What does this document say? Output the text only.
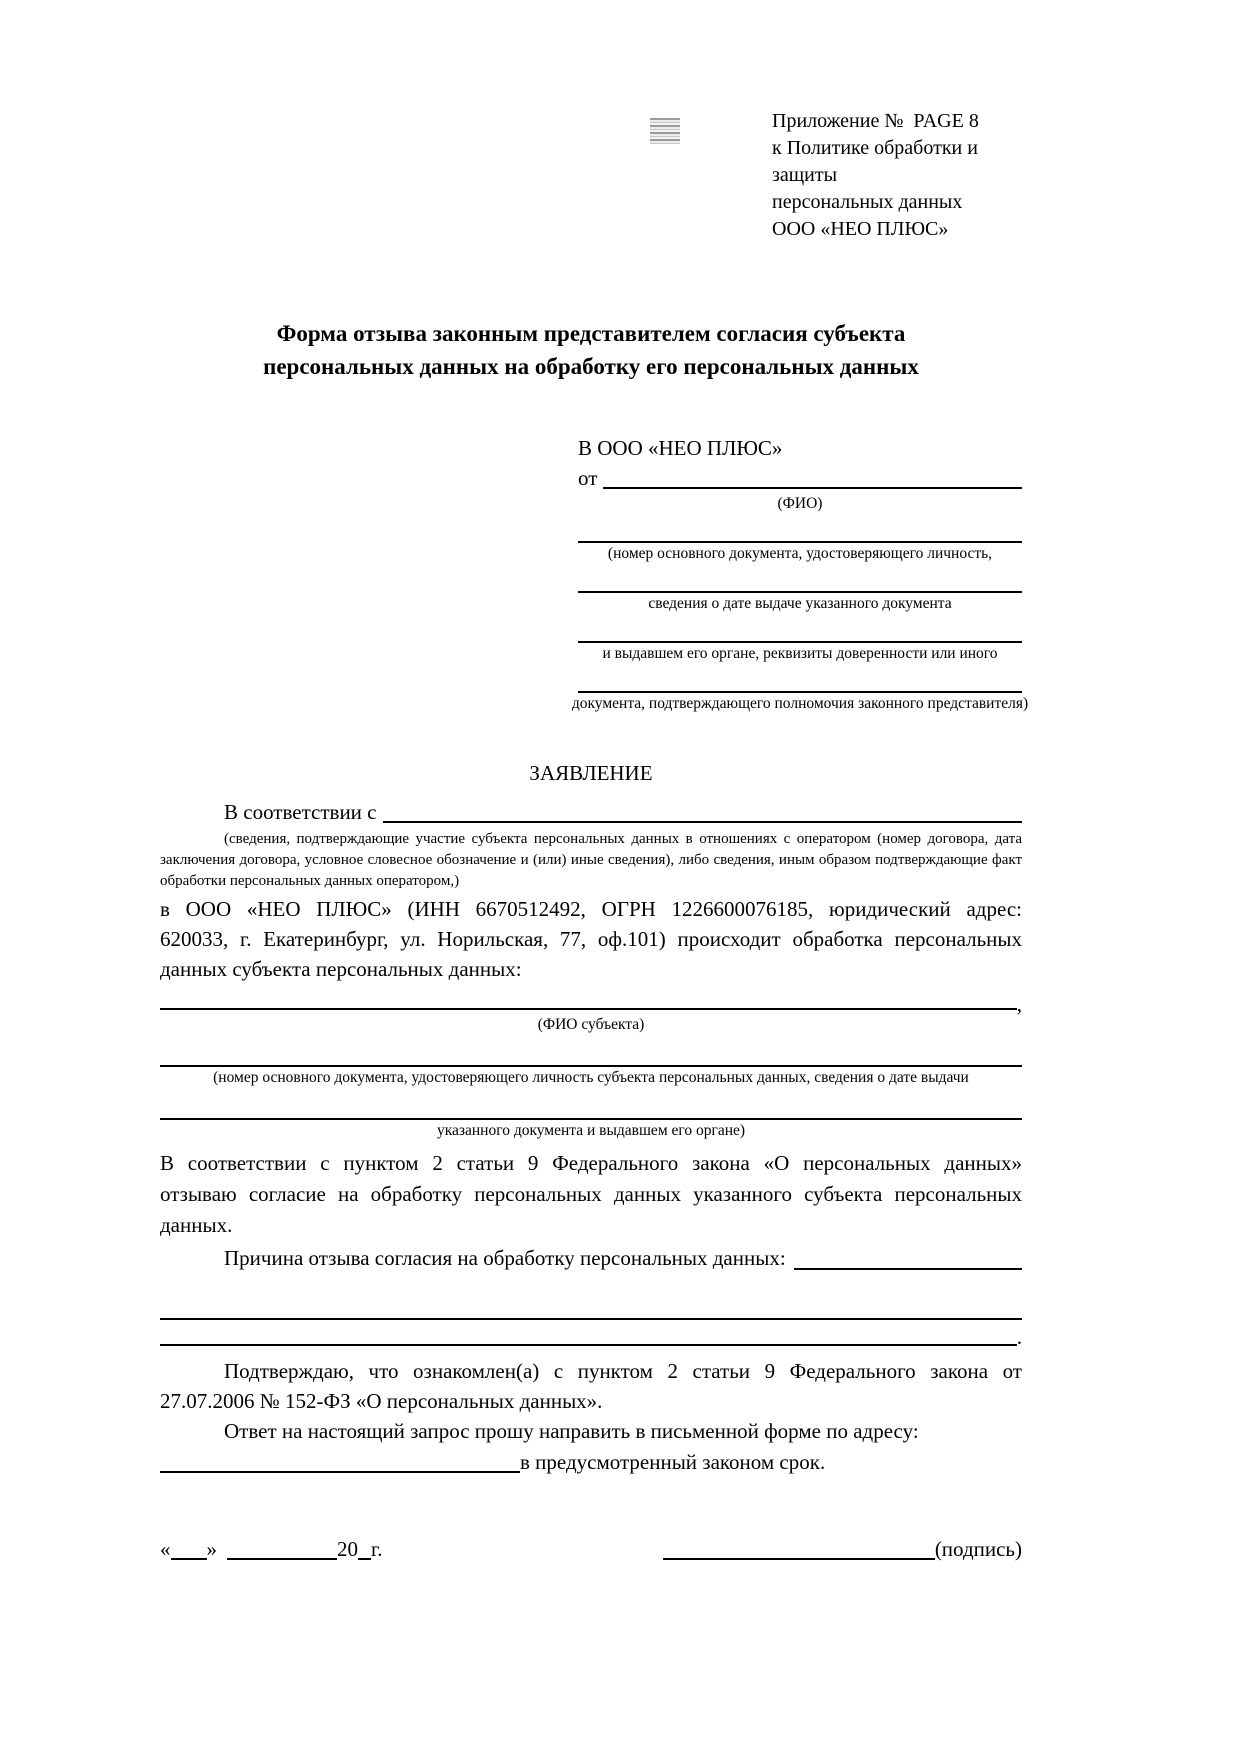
Приложение №  PAGE 8
к Политике обработки и защиты
персональных данных
ООО «НЕО ПЛЮС»
Форма отзыва законным представителем согласия субъекта
персональных данных на обработку его персональных данных
В ООО «НЕО ПЛЮС»
от
(ФИО)
(номер основного документа, удостоверяющего личность,
сведения о дате выдаче указанного документа
и выдавшем его органе, реквизиты доверенности или иного
документа, подтверждающего полномочия законного представителя)
ЗАЯВЛЕНИЕ
В соответствии с
(сведения, подтверждающие участие субъекта персональных данных в отношениях с оператором (номер договора, дата
заключения договора, условное словесное обозначение и (или) иные сведения), либо сведения, иным образом подтверждающие факт
обработки персональных данных оператором,)
в ООО «НЕО ПЛЮС» (ИНН 6670512492, ОГРН 1226600076185, юридический адрес:
620033, г. Екатеринбург, ул. Норильская, 77, оф.101) происходит обработка персональных
данных субъекта персональных данных:
,
(ФИО субъекта)
(номер основного документа, удостоверяющего личность субъекта персональных данных, сведения о дате выдачи
указанного документа и выдавшем его органе)
В соответствии с пунктом 2 статьи 9 Федерального закона «О персональных данных»
отзываю согласие на обработку персональных данных указанного субъекта персональных
данных.
Причина отзыва согласия на обработку персональных данных:
.
Подтверждаю, что ознакомлен(а) с пунктом 2 статьи 9 Федерального закона от
27.07.2006 № 152-ФЗ «О персональных данных».
Ответ на настоящий запрос прошу направить в письменной форме по адресу:
в предусмотренный законом срок.
« »	20 г.	(подпись)
